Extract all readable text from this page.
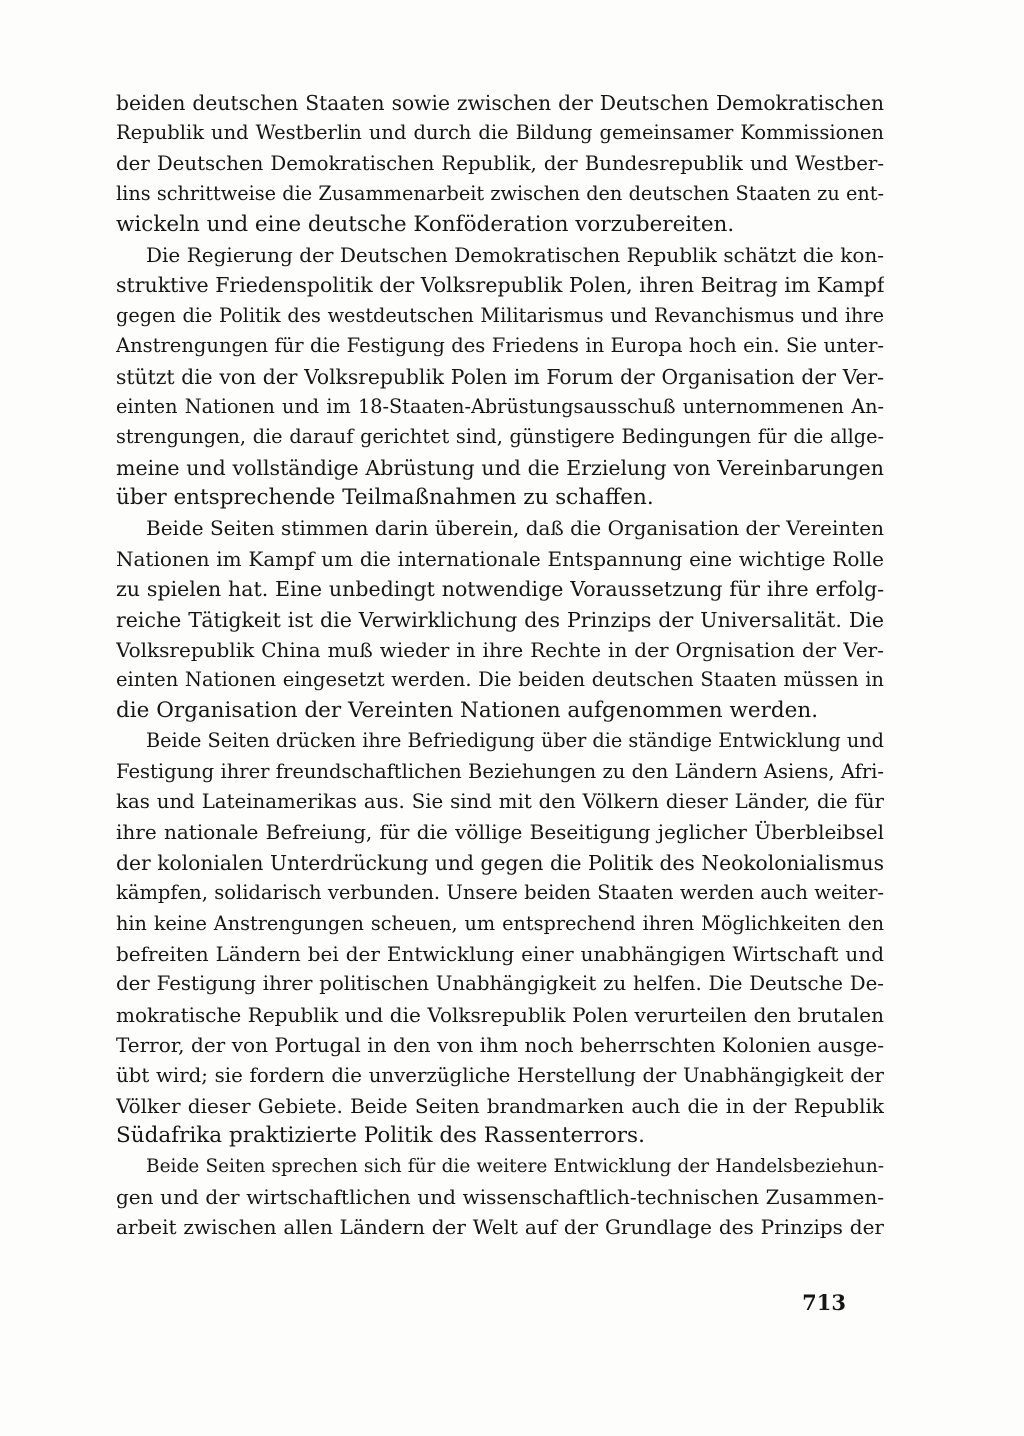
beiden deutschen Staaten sowie zwischen der Deutschen Demokratischen
Republik und Westberlin und durch die Bildung gemeinsamer Kommissionen
der Deutschen Demokratischen Republik, der Bundesrepublik und Westber-
lins schrittweise die Zusammenarbeit zwischen den deutschen Staaten zu ent-
wickeln und eine deutsche Konföderation vorzubereiten.
Die Regierung der Deutschen Demokratischen Republik schätzt die kon-
struktive Friedenspolitik der Volksrepublik Polen, ihren Beitrag im Kampf
gegen die Politik des westdeutschen Militarismus und Revanchismus und ihre
Anstrengungen für die Festigung des Friedens in Europa hoch ein. Sie unter-
stützt die von der Volksrepublik Polen im Forum der Organisation der Ver-
einten Nationen und im 18-Staaten-Abrüstungsausschuß unternommenen An-
strengungen, die darauf gerichtet sind, günstigere Bedingungen für die allge-
meine und vollständige Abrüstung und die Erzielung von Vereinbarungen
über entsprechende Teilmaßnahmen zu schaffen.
Beide Seiten stimmen darin überein, daß die Organisation der Vereinten
Nationen im Kampf um die internationale Entspannung eine wichtige Rolle
zu spielen hat. Eine unbedingt notwendige Voraussetzung für ihre erfolg-
reiche Tätigkeit ist die Verwirklichung des Prinzips der Universalität. Die
Volksrepublik China muß wieder in ihre Rechte in der Orgnisation der Ver-
einten Nationen eingesetzt werden. Die beiden deutschen Staaten müssen in
die Organisation der Vereinten Nationen aufgenommen werden.
Beide Seiten drücken ihre Befriedigung über die ständige Entwicklung und
Festigung ihrer freundschaftlichen Beziehungen zu den Ländern Asiens, Afri-
kas und Lateinamerikas aus. Sie sind mit den Völkern dieser Länder, die für
ihre nationale Befreiung, für die völlige Beseitigung jeglicher Überbleibsel
der kolonialen Unterdrückung und gegen die Politik des Neokolonialismus
kämpfen, solidarisch verbunden. Unsere beiden Staaten werden auch weiter-
hin keine Anstrengungen scheuen, um entsprechend ihren Möglichkeiten den
befreiten Ländern bei der Entwicklung einer unabhängigen Wirtschaft und
der Festigung ihrer politischen Unabhängigkeit zu helfen. Die Deutsche De-
mokratische Republik und die Volksrepublik Polen verurteilen den brutalen
Terror, der von Portugal in den von ihm noch beherrschten Kolonien ausge-
übt wird; sie fordern die unverzügliche Herstellung der Unabhängigkeit der
Völker dieser Gebiete. Beide Seiten brandmarken auch die in der Republik
Südafrika praktizierte Politik des Rassenterrors.
Beide Seiten sprechen sich für die weitere Entwicklung der Handelsbeziehun-
gen und der wirtschaftlichen und wissenschaftlich-technischen Zusammen-
arbeit zwischen allen Ländern der Welt auf der Grundlage des Prinzips der
713
